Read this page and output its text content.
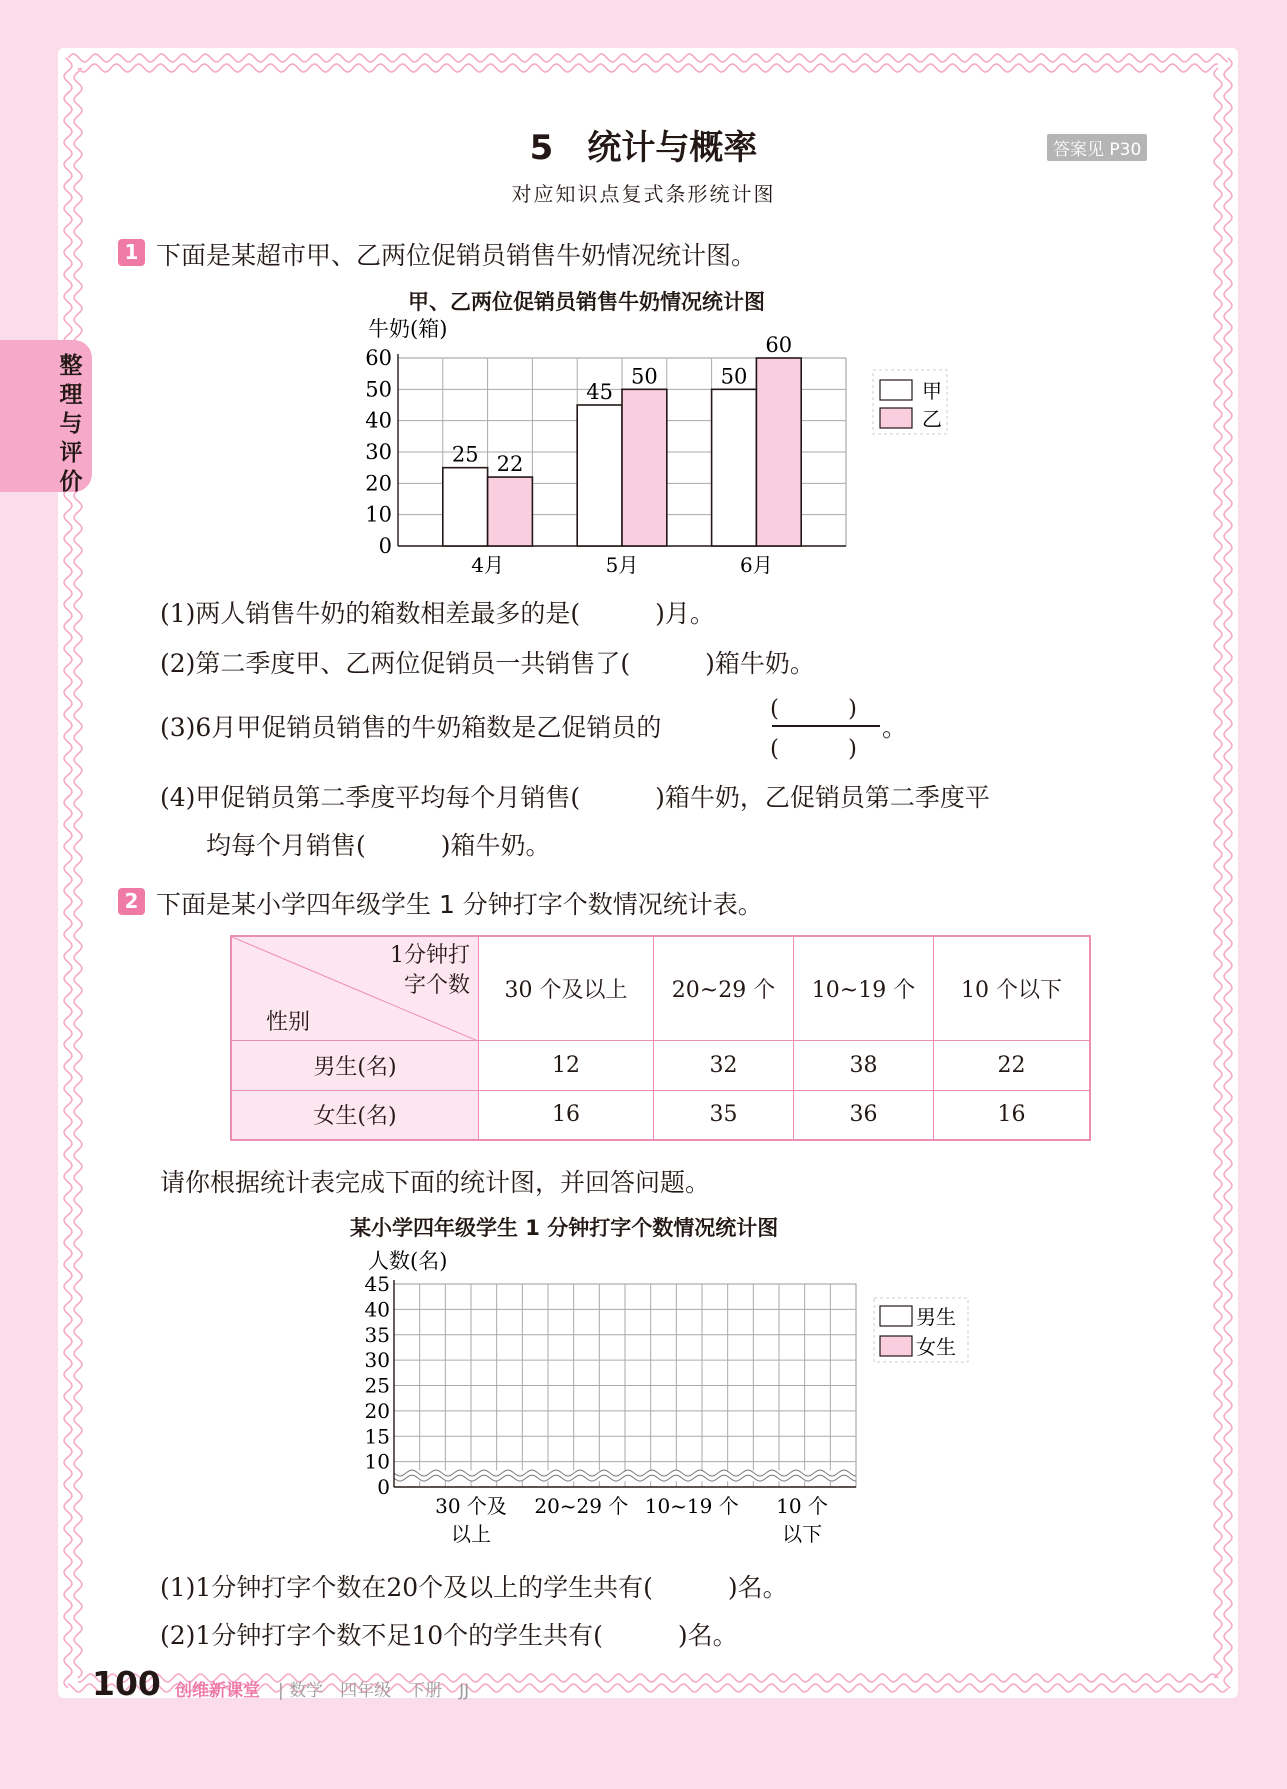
整理与评价
5　统计与概率	答案见 P30
对应知识点复式条形统计图
1 下面是某超市甲、乙两位促销员销售牛奶情况统计图。
甲、乙两位促销员销售牛奶情况统计图
0
10
20
30
40
50
60
牛奶(箱)
25 22
4月
45
50
5月
50
60
6月
甲
乙
(1)两人销售牛奶的箱数相差最多的是(　　　)月。
(2)第二季度甲、乙两位促销员一共销售了(　　　)箱牛奶。
(3)6月甲促销员销售的牛奶箱数是乙促销员的
(　　　)
(　　　)
。
(4)甲促销员第二季度平均每个月销售(　　　)箱牛奶，乙促销员第二季度平
均每个月销售(　　　)箱牛奶。
2 下面是某小学四年级学生 1 分钟打字个数情况统计表。
1分钟打
字个数
性别	30 个及以上	20~29 个	10~19 个	10 个以下
男生(名)	12	32	38	22
女生(名)	16	35	36	16
请你根据统计表完成下面的统计图，并回答问题。
某小学四年级学生 1 分钟打字个数情况统计图
0
10
15
20
25
30
35
40
45
人数(名)
30 个及
以上
20~29 个 10~19 个 10 个
以下
男生
女生
(1)1分钟打字个数在20个及以上的学生共有(　　　)名。
(2)1分钟打字个数不足10个的学生共有(　　　)名。
100 创维新课堂 | 数学　四年级　下册　JJ
